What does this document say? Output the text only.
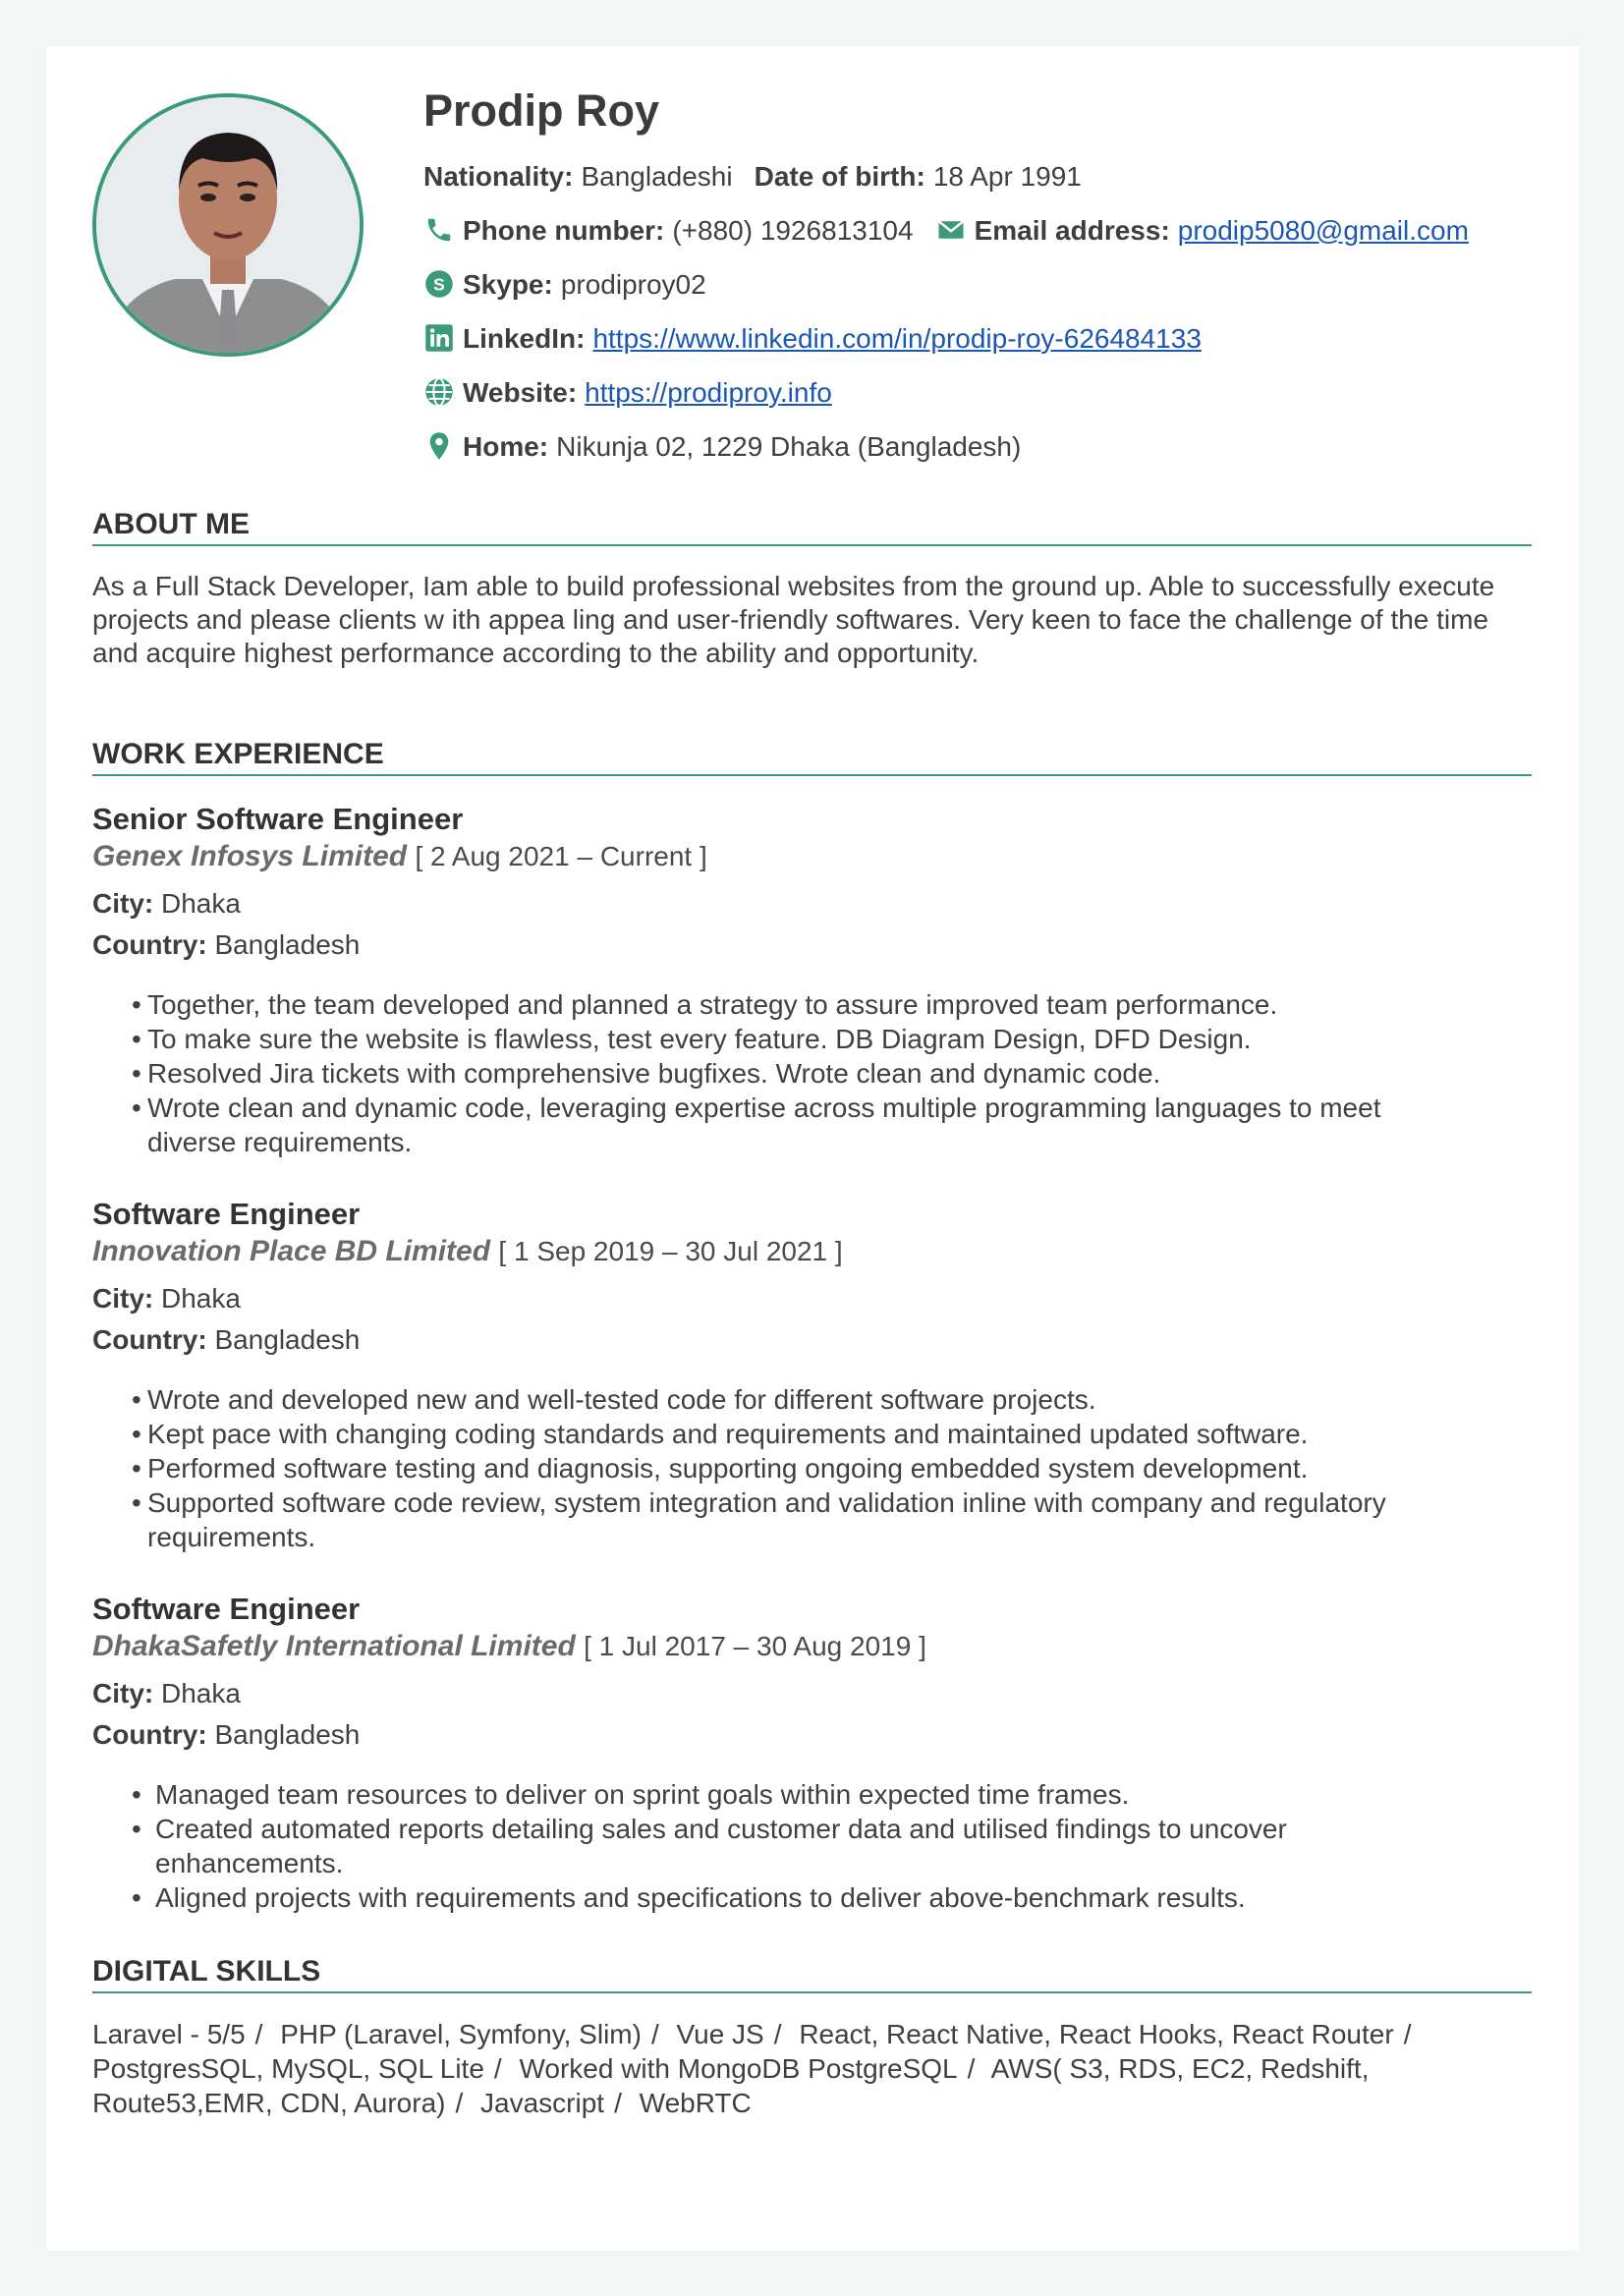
Prodip Roy
Nationality: Bangladeshi Date of birth: 18 Apr 1991
Phone number: (+880) 1926813104 Email address: prodip5080@gmail.com
S Skype: prodiproy02
LinkedIn: https://www.linkedin.com/in/prodip-roy-626484133
Website: https://prodiproy.info
Home: Nikunja 02, 1229 Dhaka (Bangladesh)
ABOUT ME
As a Full Stack Developer, Iam able to build professional websites from the ground up. Able to successfully execute projects and please clients w ith appea ling and user-friendly softwares. Very keen to face the challenge of the time and acquire highest performance according to the ability and opportunity.
WORK EXPERIENCE
Senior Software Engineer
Genex Infosys Limited [ 2 Aug 2021 – Current ]
City: Dhaka
Country: Bangladesh
• Together, the team developed and planned a strategy to assure improved team performance.
• To make sure the website is flawless, test every feature. DB Diagram Design, DFD Design.
• Resolved Jira tickets with comprehensive bugfixes. Wrote clean and dynamic code.
• Wrote clean and dynamic code, leveraging expertise across multiple programming languages to meet diverse requirements.
Software Engineer
Innovation Place BD Limited [ 1 Sep 2019 – 30 Jul 2021 ]
City: Dhaka
Country: Bangladesh
• Wrote and developed new and well-tested code for different software projects.
• Kept pace with changing coding standards and requirements and maintained updated software.
• Performed software testing and diagnosis, supporting ongoing embedded system development.
• Supported software code review, system integration and validation inline with company and regulatory requirements.
Software Engineer
DhakaSafetly International Limited [ 1 Jul 2017 – 30 Aug 2019 ]
City: Dhaka
Country: Bangladesh
• Managed team resources to deliver on sprint goals within expected time frames.
• Created automated reports detailing sales and customer data and utilised findings to uncover enhancements.
• Aligned projects with requirements and specifications to deliver above-benchmark results.
DIGITAL SKILLS
Laravel - 5/5 / PHP (Laravel, Symfony, Slim) / Vue JS / React, React Native, React Hooks, React Router / PostgresSQL, MySQL, SQL Lite / Worked with MongoDB PostgreSQL / AWS( S3, RDS, EC2, Redshift, Route53,EMR, CDN, Aurora) / Javascript / WebRTC
